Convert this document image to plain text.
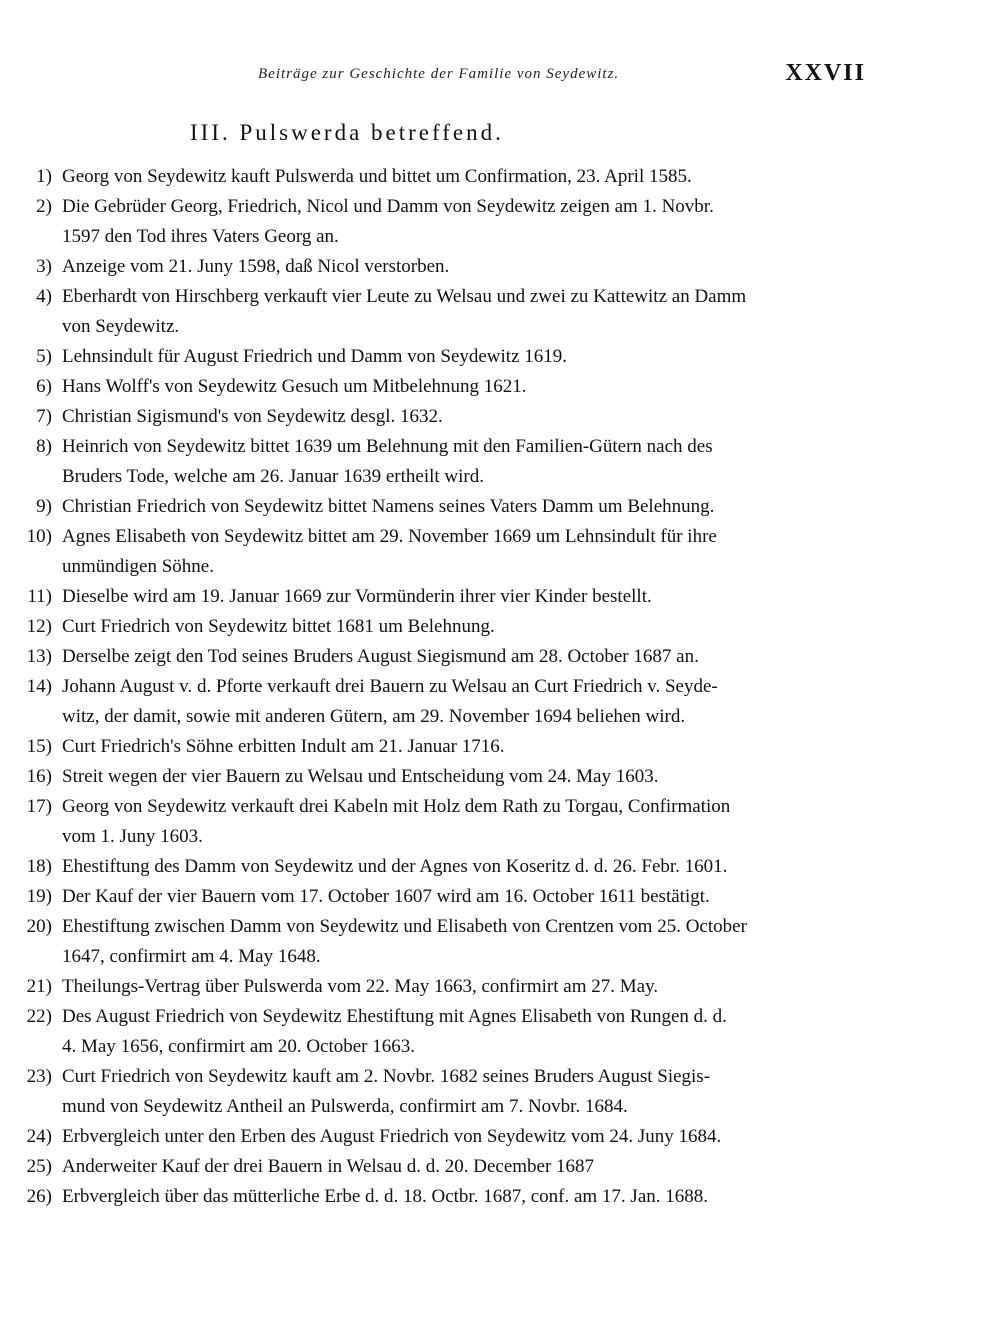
Beiträge zur Geschichte der Familie von Seydewitz.	XXVII
III. Pulswerda betreffend.
1) Georg von Seydewitz kauft Pulswerda und bittet um Confirmation, 23. April 1585.
2) Die Gebrüder Georg, Friedrich, Nicol und Damm von Seydewitz zeigen am 1. Novbr.
1597 den Tod ihres Vaters Georg an.
3) Anzeige vom 21. Juny 1598, daß Nicol verstorben.
4) Eberhardt von Hirschberg verkauft vier Leute zu Welsau und zwei zu Kattewitz an Damm
von Seydewitz.
5) Lehnsindult für August Friedrich und Damm von Seydewitz 1619.
6) Hans Wolff's von Seydewitz Gesuch um Mitbelehnung 1621.
7) Christian Sigismund's von Seydewitz desgl. 1632.
8) Heinrich von Seydewitz bittet 1639 um Belehnung mit den Familien-Gütern nach des
Bruders Tode, welche am 26. Januar 1639 ertheilt wird.
9) Christian Friedrich von Seydewitz bittet Namens seines Vaters Damm um Belehnung.
10) Agnes Elisabeth von Seydewitz bittet am 29. November 1669 um Lehnsindult für ihre
unmündigen Söhne.
11) Dieselbe wird am 19. Januar 1669 zur Vormünderin ihrer vier Kinder bestellt.
12) Curt Friedrich von Seydewitz bittet 1681 um Belehnung.
13) Derselbe zeigt den Tod seines Bruders August Siegismund am 28. October 1687 an.
14) Johann August v. d. Pforte verkauft drei Bauern zu Welsau an Curt Friedrich v. Seyde-
witz, der damit, sowie mit anderen Gütern, am 29. November 1694 beliehen wird.
15) Curt Friedrich's Söhne erbitten Indult am 21. Januar 1716.
16) Streit wegen der vier Bauern zu Welsau und Entscheidung vom 24. May 1603.
17) Georg von Seydewitz verkauft drei Kabeln mit Holz dem Rath zu Torgau, Confirmation
vom 1. Juny 1603.
18) Ehestiftung des Damm von Seydewitz und der Agnes von Koseritz d. d. 26. Febr. 1601.
19) Der Kauf der vier Bauern vom 17. October 1607 wird am 16. October 1611 bestätigt.
20) Ehestiftung zwischen Damm von Seydewitz und Elisabeth von Crentzen vom 25. October
1647, confirmirt am 4. May 1648.
21) Theilungs-Vertrag über Pulswerda vom 22. May 1663, confirmirt am 27. May.
22) Des August Friedrich von Seydewitz Ehestiftung mit Agnes Elisabeth von Rungen d. d.
4. May 1656, confirmirt am 20. October 1663.
23) Curt Friedrich von Seydewitz kauft am 2. Novbr. 1682 seines Bruders August Siegis-
mund von Seydewitz Antheil an Pulswerda, confirmirt am 7. Novbr. 1684.
24) Erbvergleich unter den Erben des August Friedrich von Seydewitz vom 24. Juny 1684.
25) Anderweiter Kauf der drei Bauern in Welsau d. d. 20. December 1687
26) Erbvergleich über das mütterliche Erbe d. d. 18. Octbr. 1687, conf. am 17. Jan. 1688.
